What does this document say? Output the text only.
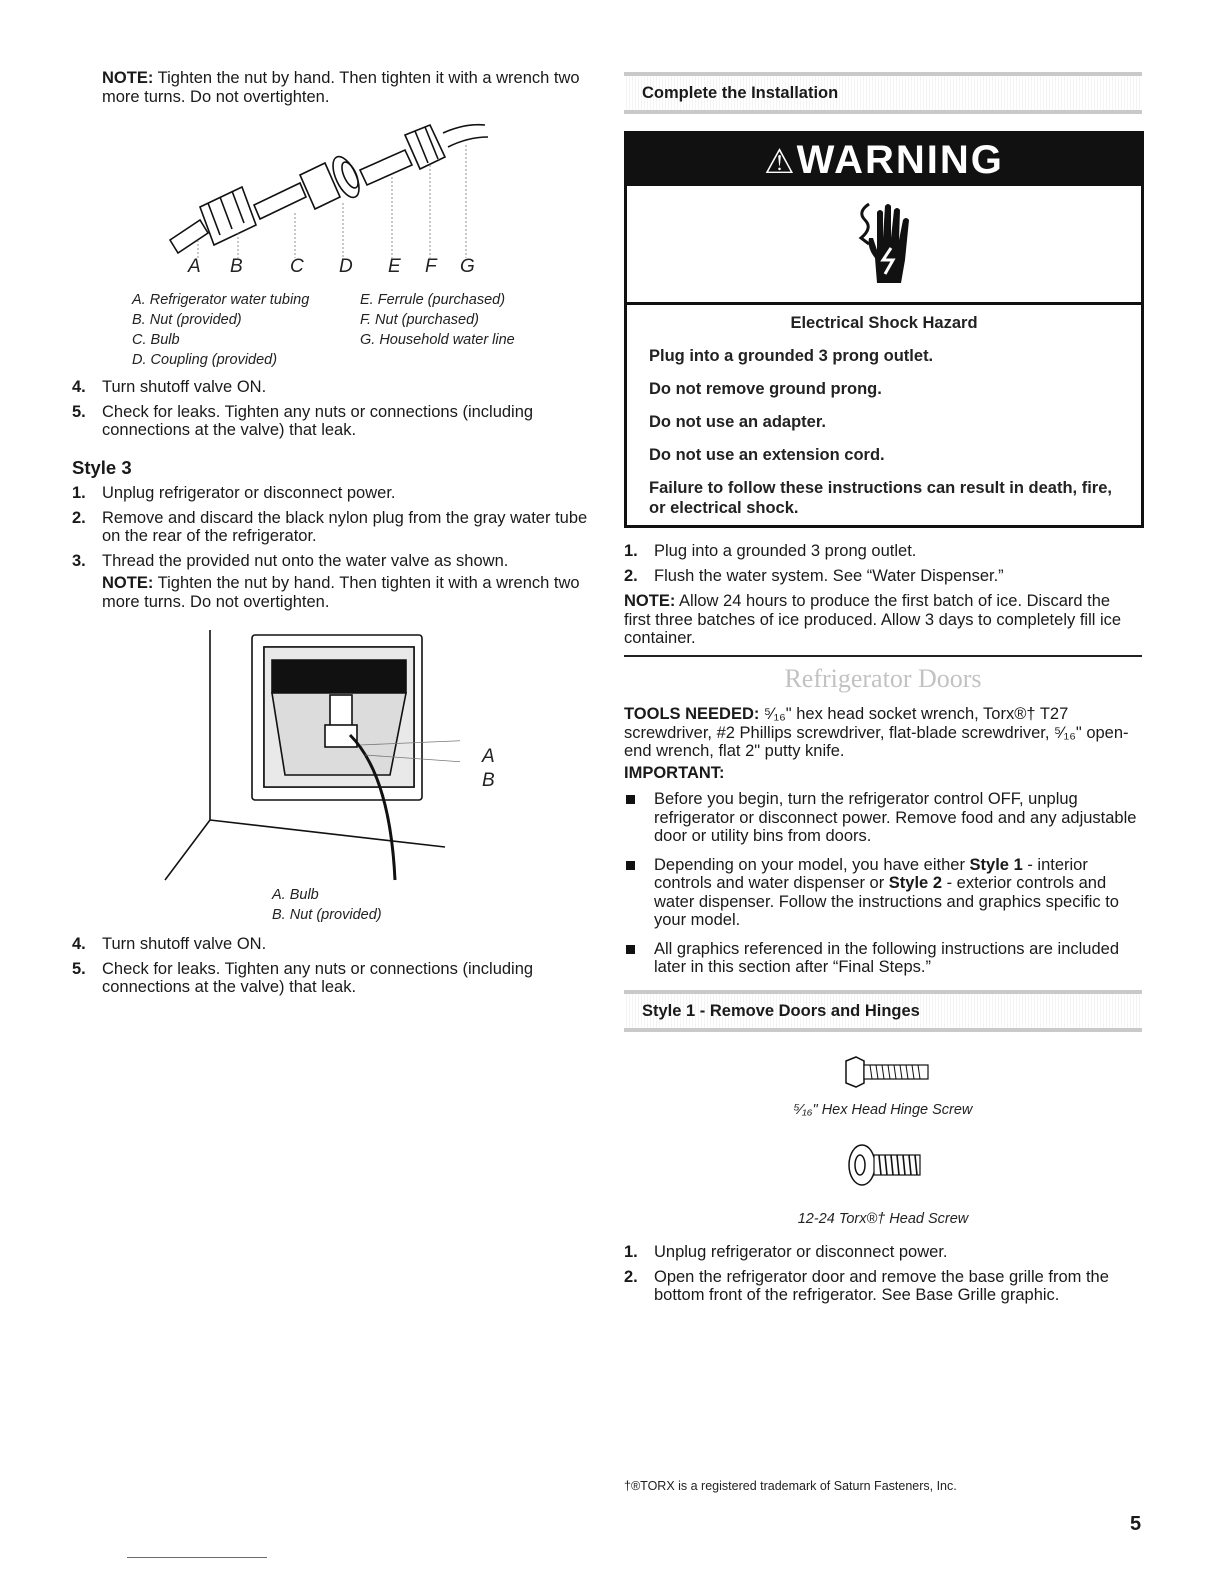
NOTE: Tighten the nut by hand. Then tighten it with a wrench two more turns. Do not overtighten.

A B C D E F G
A. Refrigerator water tubing
B. Nut (provided)
C. Bulb
D. Coupling (provided)
E. Ferrule (purchased)
F. Nut (purchased)
G. Household water line
4. Turn shutoff valve ON.
5. Check for leaks. Tighten any nuts or connections (including connections at the valve) that leak.
Style 3
1. Unplug refrigerator or disconnect power.
2. Remove and discard the black nylon plug from the gray water tube on the rear of the refrigerator.
3. Thread the provided nut onto the water valve as shown.

NOTE: Tighten the nut by hand. Then tighten it with a wrench two more turns. Do not overtighten.

A
B
A. Bulb
B. Nut (provided)
4. Turn shutoff valve ON.
5. Check for leaks. Tighten any nuts or connections (including connections at the valve) that leak.
Complete the Installation
⚠WARNING

Electrical Shock Hazard

Plug into a grounded 3 prong outlet.

Do not remove ground prong.

Do not use an adapter.

Do not use an extension cord.

Failure to follow these instructions can result in death, fire, or electrical shock.

1. Plug into a grounded 3 prong outlet.
2. Flush the water system. See “Water Dispenser.”

NOTE: Allow 24 hours to produce the first batch of ice. Discard the first three batches of ice produced. Allow 3 days to completely fill ice container.

Refrigerator Doors

TOOLS NEEDED: ⁵⁄₁₆" hex head socket wrench, Torx®† T27 screwdriver, #2 Phillips screwdriver, flat-blade screwdriver, ⁵⁄₁₆" open-end wrench, flat 2" putty knife.

IMPORTANT:
Before you begin, turn the refrigerator control OFF, unplug refrigerator or disconnect power. Remove food and any adjustable door or utility bins from doors.
Depending on your model, you have either Style 1 - interior controls and water dispenser or Style 2 - exterior controls and water dispenser. Follow the instructions and graphics specific to your model.
All graphics referenced in the following instructions are included later in this section after “Final Steps.”
Style 1 - Remove Doors and Hinges
⁵⁄₁₆" Hex Head Hinge Screw
12-24 Torx®† Head Screw
1. Unplug refrigerator or disconnect power.
2. Open the refrigerator door and remove the base grille from the bottom front of the refrigerator. See Base Grille graphic.
†®TORX is a registered trademark of Saturn Fasteners, Inc.
5
